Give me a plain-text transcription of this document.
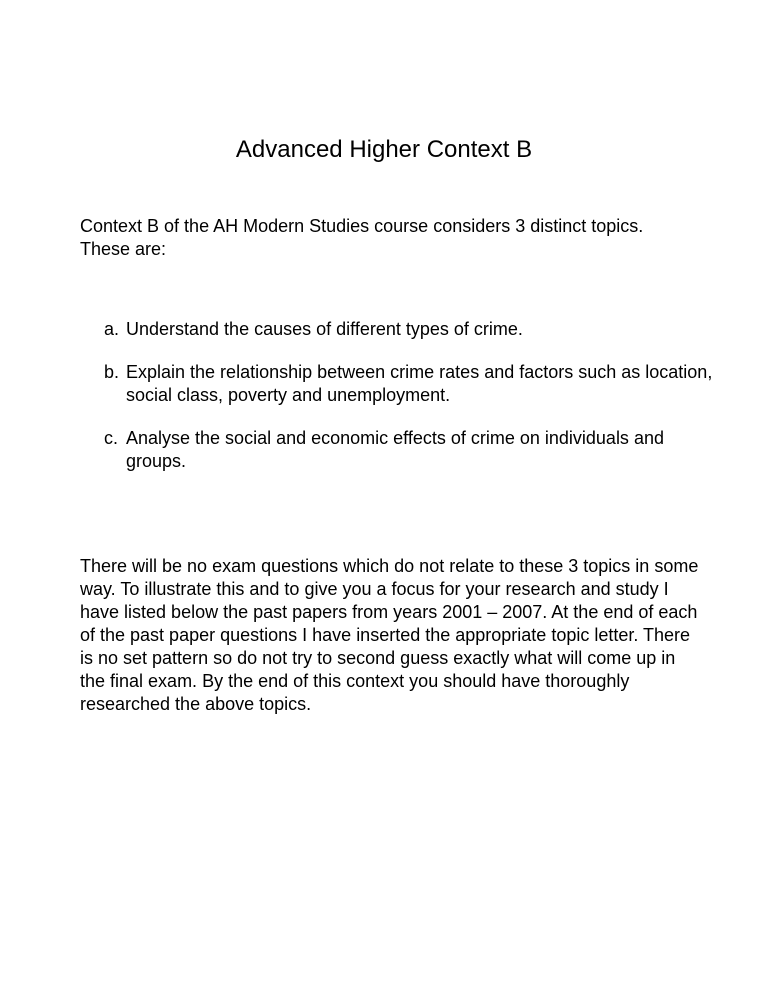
Advanced Higher Context B

Context B of the AH Modern Studies course considers 3 distinct topics. These are:

a. Understand the causes of different types of crime.
b. Explain the relationship between crime rates and factors such as location, social class, poverty and unemployment.
c. Analyse the social and economic effects of crime on individuals and groups.

There will be no exam questions which do not relate to these 3 topics in some way. To illustrate this and to give you a focus for your research and study I have listed below the past papers from years 2001 – 2007. At the end of each of the past paper questions I have inserted the appropriate topic letter. There is no set pattern so do not try to second guess exactly what will come up in the final exam. By the end of this context you should have thoroughly researched the above topics.
